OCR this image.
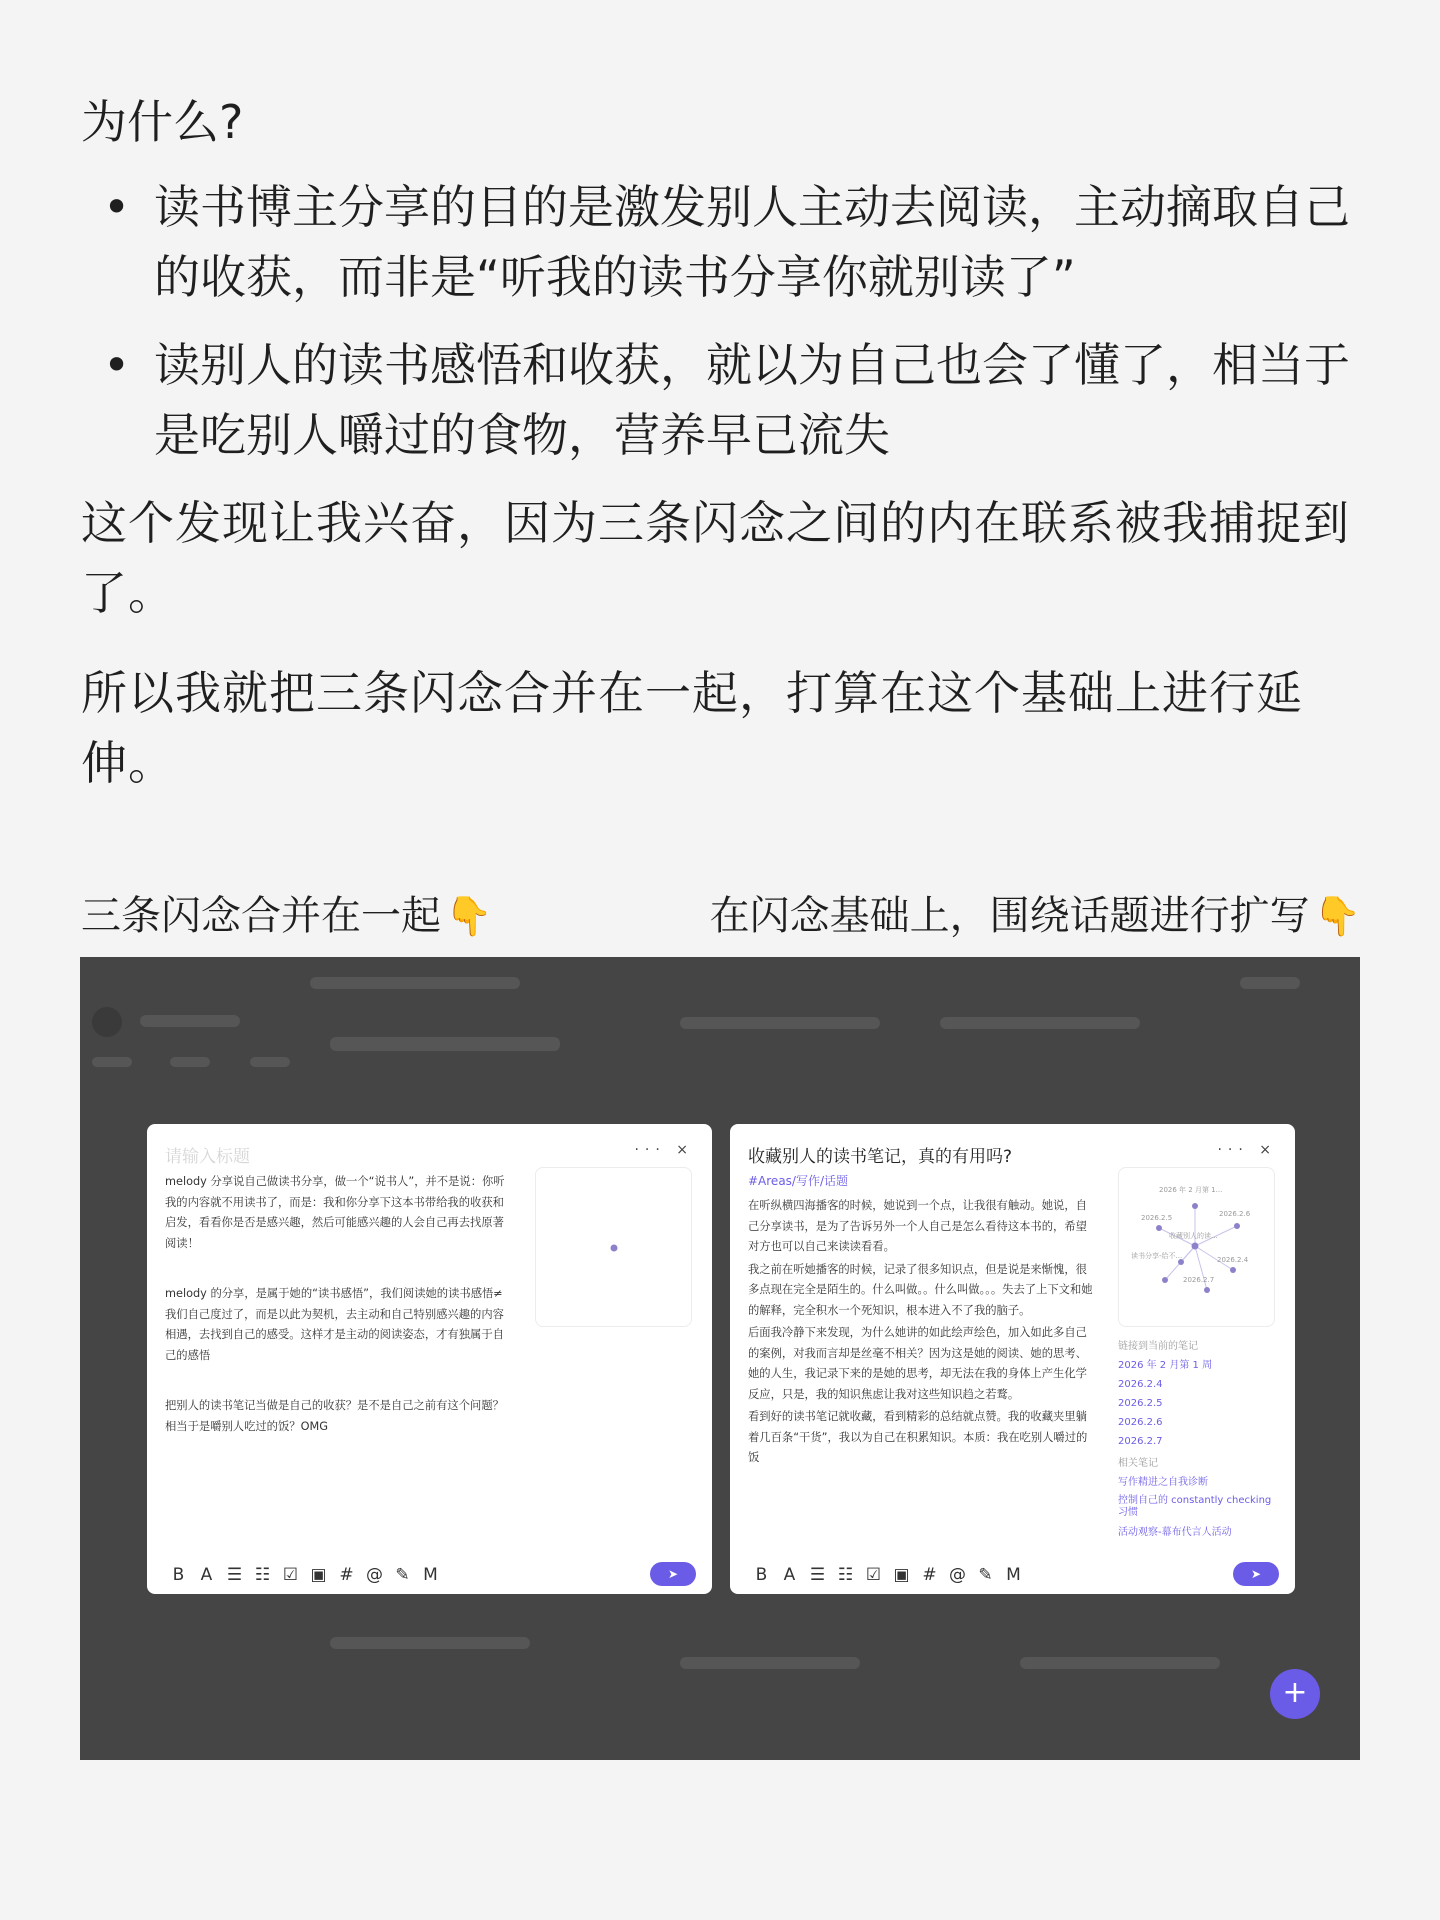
为什么?
• 读书博主分享的目的是激发别人主动去阅读，主动摘取自己的收获，而非是“听我的读书分享你就别读了”
• 读别人的读书感悟和收获，就以为自己也会了懂了，相当于是吃别人嚼过的食物，营养早已流失

这个发现让我兴奋，因为三条闪念之间的内在联系被我捕捉到了。

所以我就把三条闪念合并在一起，打算在这个基础上进行延伸。

三条闪念合并在一起 👇	在闪念基础上，围绕话题进行扩写 👇
请输入标题	··· ×

melody 分享说自己做读书分享，做一个“说书人”，并不是说：你听我的内容就不用读书了，而是：我和你分享下这本书带给我的收获和启发，看看你是否是感兴趣，然后可能感兴趣的人会自己再去找原著阅读！

melody 的分享，是属于她的“读书感悟”，我们阅读她的读书感悟≠我们自己度过了，而是以此为契机，去主动和自己特别感兴趣的内容相遇，去找到自己的感受。这样才是主动的阅读姿态，才有独属于自己的感悟

把别人的读书笔记当做是自己的收获？是不是自己之前有这个问题？相当于是嚼别人吃过的饭？OMG

B A ☰ ☷ ☑ ▣ # @ ✎ M	➤
收藏别人的读书笔记，真的有用吗?	··· ×
#Areas/写作/话题

在听纵横四海播客的时候，她说到一个点，让我很有触动。她说，自己分享读书，是为了告诉另外一个人自己是怎么看待这本书的，希望对方也可以自己来读读看看。

我之前在听她播客的时候，记录了很多知识点，但是说是来惭愧，很多点现在完全是陌生的。什么叫做。。什么叫做。。。失去了上下文和她的解释，完全积水一个死知识，根本进入不了我的脑子。

后面我冷静下来发现，为什么她讲的如此绘声绘色，加入如此多自己的案例，对我而言却是丝毫不相关？因为这是她的阅读、她的思考、她的人生，我记录下来的是她的思考，却无法在我的身体上产生化学反应，只是，我的知识焦虑让我对这些知识趋之若鹜。

看到好的读书笔记就收藏，看到精彩的总结就点赞。我的收藏夹里躺着几百条“干货”，我以为自己在积累知识。本质：我在吃别人嚼过的饭

2026 年 2 月第 1...
2026.2.5	2026.2.6
收藏别人的读...
读书分享-给不...	2026.2.4
2026.2.7
链接到当前的笔记
2026 年 2 月第 1 周
2026.2.4
2026.2.5
2026.2.6
2026.2.7
相关笔记
写作精进之自我诊断
控制自己的 constantly checking 习惯
活动观察-幕布代言人活动
B A ☰ ☷ ☑ ▣ # @ ✎ M	➤
+
